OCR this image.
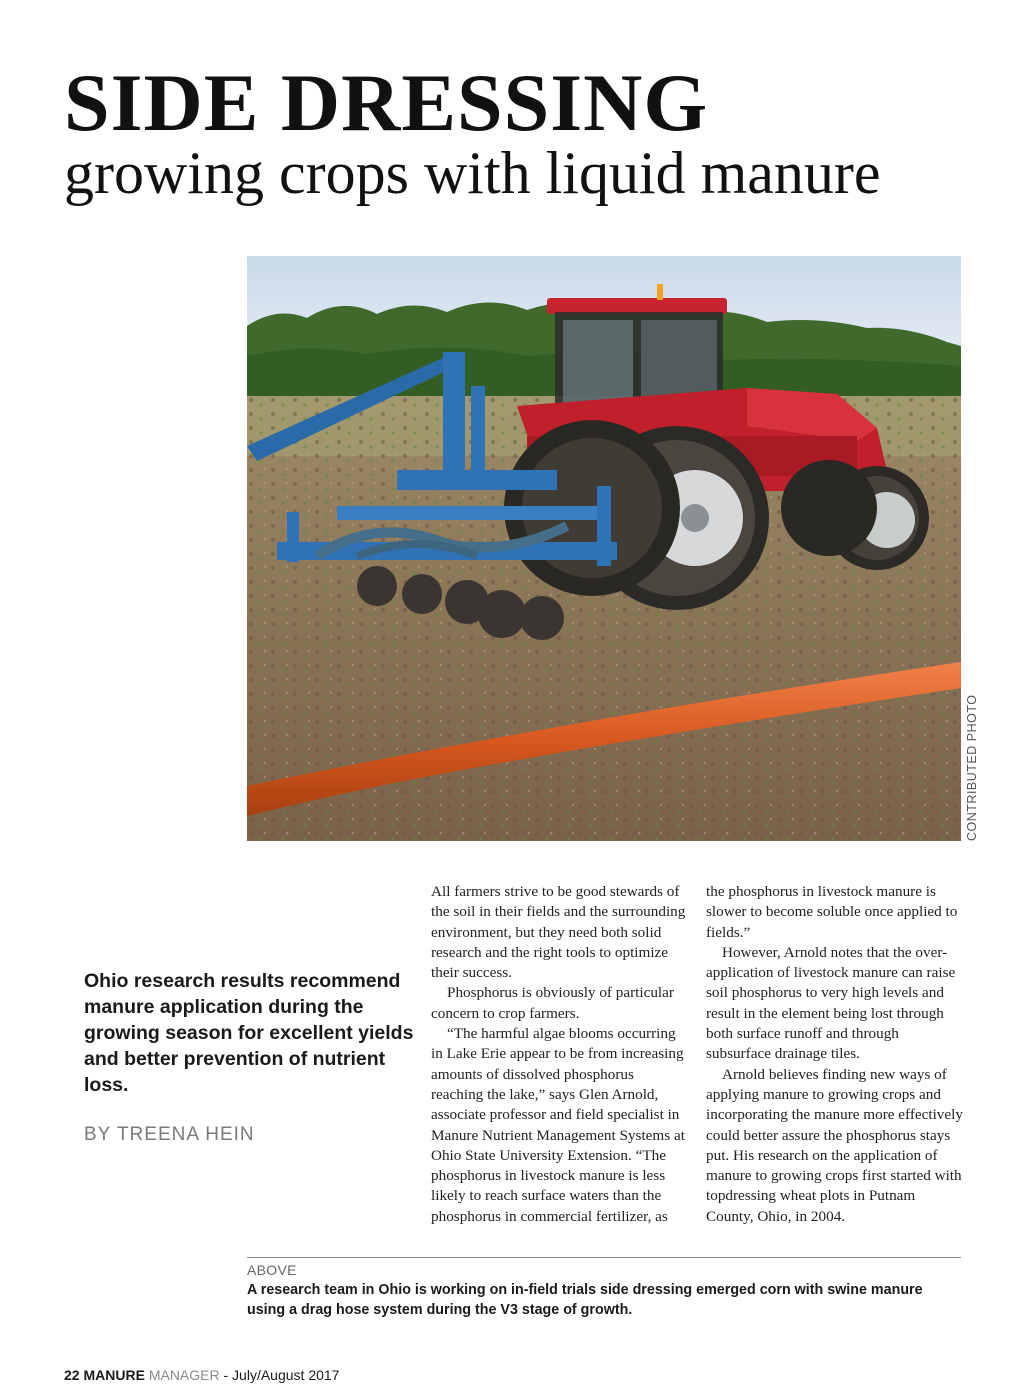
SIDE DRESSING
growing crops with liquid manure
CONTRIBUTED PHOTO
Ohio research results recommend manure application during the growing season for excellent yields and better prevention of nutrient loss.
BY TREENA HEIN

All farmers strive to be good stewards of the soil in their fields and the surrounding environment, but they need both solid research and the right tools to optimize their success.

Phosphorus is obviously of particular concern to crop farmers.

“The harmful algae blooms occurring in Lake Erie appear to be from increasing amounts of dissolved phosphorus reaching the lake,” says Glen Arnold, associate professor and field specialist in Manure Nutrient Management Systems at Ohio State University Extension. “The phosphorus in livestock manure is less likely to reach surface waters than the phosphorus in commercial fertilizer, as

the phosphorus in livestock manure is slower to become soluble once applied to fields.”

However, Arnold notes that the over-application of livestock manure can raise soil phosphorus to very high levels and result in the element being lost through both surface runoff and through subsurface drainage tiles.

Arnold believes finding new ways of applying manure to growing crops and incorporating the manure more effectively could better assure the phosphorus stays put. His research on the application of manure to growing crops first started with topdressing wheat plots in Putnam County, Ohio, in 2004.

ABOVE
A research team in Ohio is working on in-field trials side dressing emerged corn with swine manure using a drag hose system during the V3 stage of growth.
22 MANURE MANAGER - July/August 2017
